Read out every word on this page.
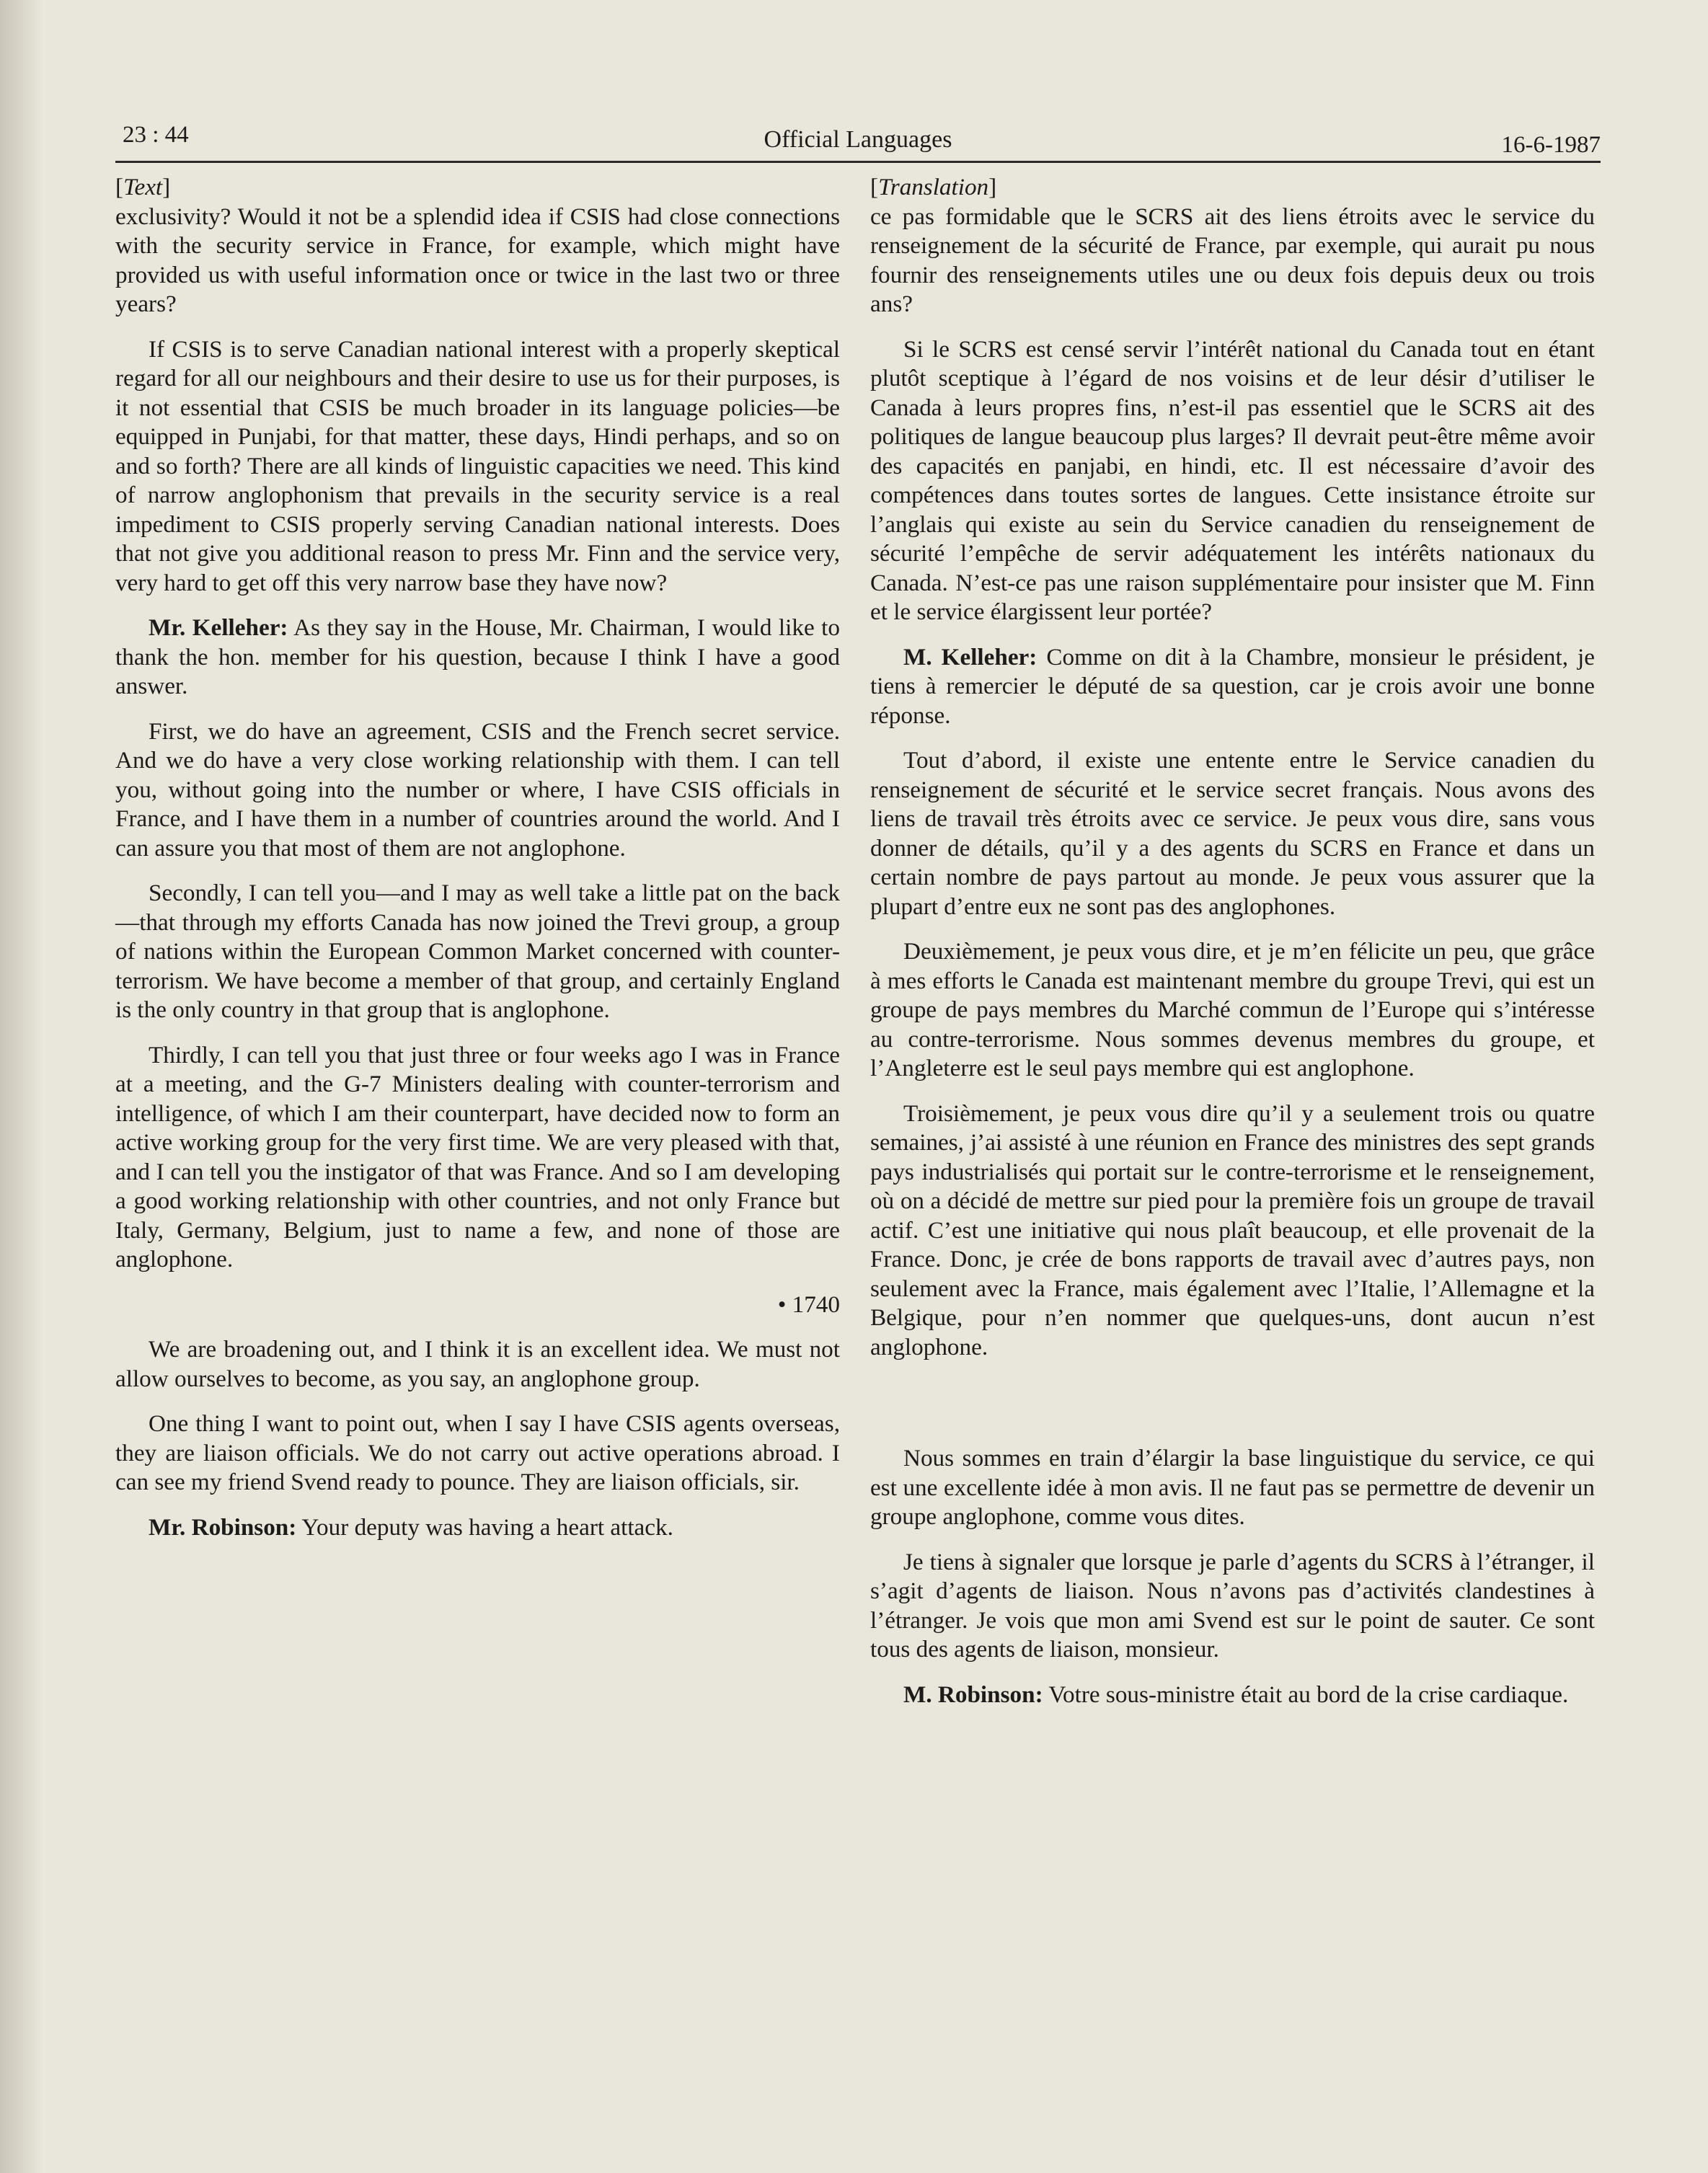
23 : 44	Official Languages	16-6-1987

[Text]

exclusivity? Would it not be a splendid idea if CSIS had close connections with the security service in France, for example, which might have provided us with useful information once or twice in the last two or three years?

If CSIS is to serve Canadian national interest with a properly skeptical regard for all our neighbours and their desire to use us for their purposes, is it not essential that CSIS be much broader in its language policies—be equipped in Punjabi, for that matter, these days, Hindi perhaps, and so on and so forth? There are all kinds of linguistic capacities we need. This kind of narrow anglophonism that prevails in the security service is a real impediment to CSIS properly serving Canadian national interests. Does that not give you additional reason to press Mr. Finn and the service very, very hard to get off this very narrow base they have now?

Mr. Kelleher: As they say in the House, Mr. Chairman, I would like to thank the hon. member for his question, because I think I have a good answer.

First, we do have an agreement, CSIS and the French secret service. And we do have a very close working relationship with them. I can tell you, without going into the number or where, I have CSIS officials in France, and I have them in a number of countries around the world. And I can assure you that most of them are not anglophone.

Secondly, I can tell you—and I may as well take a little pat on the back—that through my efforts Canada has now joined the Trevi group, a group of nations within the European Common Market concerned with counter-terrorism. We have become a member of that group, and certainly England is the only country in that group that is anglophone.

Thirdly, I can tell you that just three or four weeks ago I was in France at a meeting, and the G-7 Ministers dealing with counter-terrorism and intelligence, of which I am their counterpart, have decided now to form an active working group for the very first time. We are very pleased with that, and I can tell you the instigator of that was France. And so I am developing a good working relationship with other countries, and not only France but Italy, Germany, Belgium, just to name a few, and none of those are anglophone.

• 1740

We are broadening out, and I think it is an excellent idea. We must not allow ourselves to become, as you say, an anglophone group.

One thing I want to point out, when I say I have CSIS agents overseas, they are liaison officials. We do not carry out active operations abroad. I can see my friend Svend ready to pounce. They are liaison officials, sir.

Mr. Robinson: Your deputy was having a heart attack.

[Translation]

ce pas formidable que le SCRS ait des liens étroits avec le service du renseignement de la sécurité de France, par exemple, qui aurait pu nous fournir des renseignements utiles une ou deux fois depuis deux ou trois ans?

Si le SCRS est censé servir l’intérêt national du Canada tout en étant plutôt sceptique à l’égard de nos voisins et de leur désir d’utiliser le Canada à leurs propres fins, n’est-il pas essentiel que le SCRS ait des politiques de langue beaucoup plus larges? Il devrait peut-être même avoir des capacités en panjabi, en hindi, etc. Il est nécessaire d’avoir des compétences dans toutes sortes de langues. Cette insistance étroite sur l’anglais qui existe au sein du Service canadien du renseignement de sécurité l’empêche de servir adéquatement les intérêts nationaux du Canada. N’est-ce pas une raison supplémentaire pour insister que M. Finn et le service élargissent leur portée?

M. Kelleher: Comme on dit à la Chambre, monsieur le président, je tiens à remercier le député de sa question, car je crois avoir une bonne réponse.

Tout d’abord, il existe une entente entre le Service canadien du renseignement de sécurité et le service secret français. Nous avons des liens de travail très étroits avec ce service. Je peux vous dire, sans vous donner de détails, qu’il y a des agents du SCRS en France et dans un certain nombre de pays partout au monde. Je peux vous assurer que la plupart d’entre eux ne sont pas des anglophones.

Deuxièmement, je peux vous dire, et je m’en félicite un peu, que grâce à mes efforts le Canada est maintenant membre du groupe Trevi, qui est un groupe de pays membres du Marché commun de l’Europe qui s’intéresse au contre-terrorisme. Nous sommes devenus membres du groupe, et l’Angleterre est le seul pays membre qui est anglophone.

Troisièmement, je peux vous dire qu’il y a seulement trois ou quatre semaines, j’ai assisté à une réunion en France des ministres des sept grands pays industrialisés qui portait sur le contre-terrorisme et le renseignement, où on a décidé de mettre sur pied pour la première fois un groupe de travail actif. C’est une initiative qui nous plaît beaucoup, et elle provenait de la France. Donc, je crée de bons rapports de travail avec d’autres pays, non seulement avec la France, mais également avec l’Italie, l’Allemagne et la Belgique, pour n’en nommer que quelques-uns, dont aucun n’est anglophone.

Nous sommes en train d’élargir la base linguistique du service, ce qui est une excellente idée à mon avis. Il ne faut pas se permettre de devenir un groupe anglophone, comme vous dites.

Je tiens à signaler que lorsque je parle d’agents du SCRS à l’étranger, il s’agit d’agents de liaison. Nous n’avons pas d’activités clandestines à l’étranger. Je vois que mon ami Svend est sur le point de sauter. Ce sont tous des agents de liaison, monsieur.

M. Robinson: Votre sous-ministre était au bord de la crise cardiaque.
